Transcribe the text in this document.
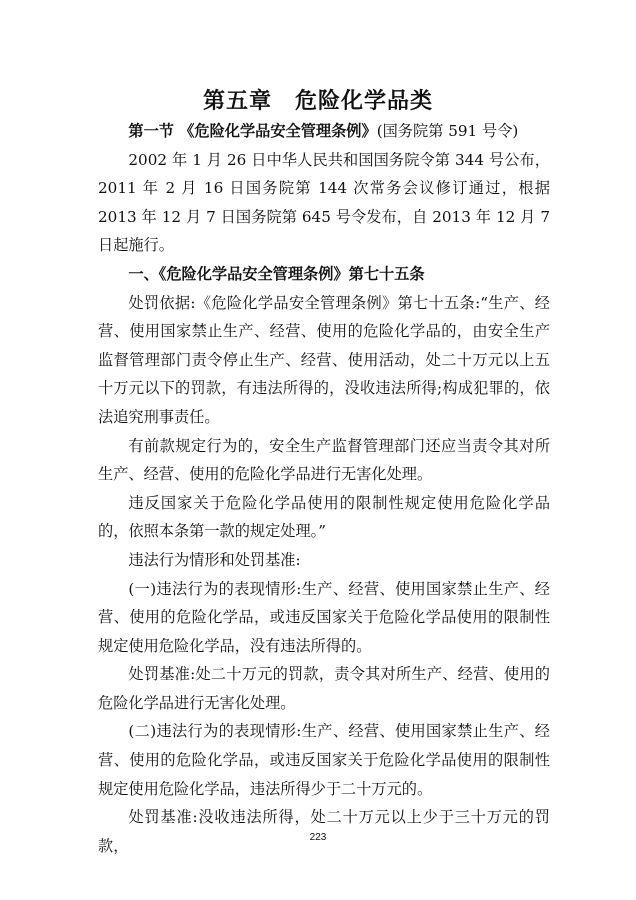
第五章　危险化学品类

第一节 《危险化学品安全管理条例》(国务院第 591 号令)

2002 年 1 月 26 日中华人民共和国国务院令第 344 号公布，2011 年 2 月 16 日国务院第 144 次常务会议修订通过，根据 2013 年 12 月 7 日国务院第 645 号令发布，自 2013 年 12 月 7 日起施行。

一、《危险化学品安全管理条例》第七十五条

处罚依据:《危险化学品安全管理条例》第七十五条:“生产、经营、使用国家禁止生产、经营、使用的危险化学品的，由安全生产监督管理部门责令停止生产、经营、使用活动，处二十万元以上五十万元以下的罚款，有违法所得的，没收违法所得;构成犯罪的，依法追究刑事责任。

有前款规定行为的，安全生产监督管理部门还应当责令其对所生产、经营、使用的危险化学品进行无害化处理。

违反国家关于危险化学品使用的限制性规定使用危险化学品的，依照本条第一款的规定处理。”

违法行为情形和处罚基准:

(一)违法行为的表现情形:生产、经营、使用国家禁止生产、经营、使用的危险化学品，或违反国家关于危险化学品使用的限制性规定使用危险化学品，没有违法所得的。

处罚基准:处二十万元的罚款，责令其对所生产、经营、使用的危险化学品进行无害化处理。

(二)违法行为的表现情形:生产、经营、使用国家禁止生产、经营、使用的危险化学品，或违反国家关于危险化学品使用的限制性规定使用危险化学品，违法所得少于二十万元的。

处罚基准:没收违法所得，处二十万元以上少于三十万元的罚款，	223
